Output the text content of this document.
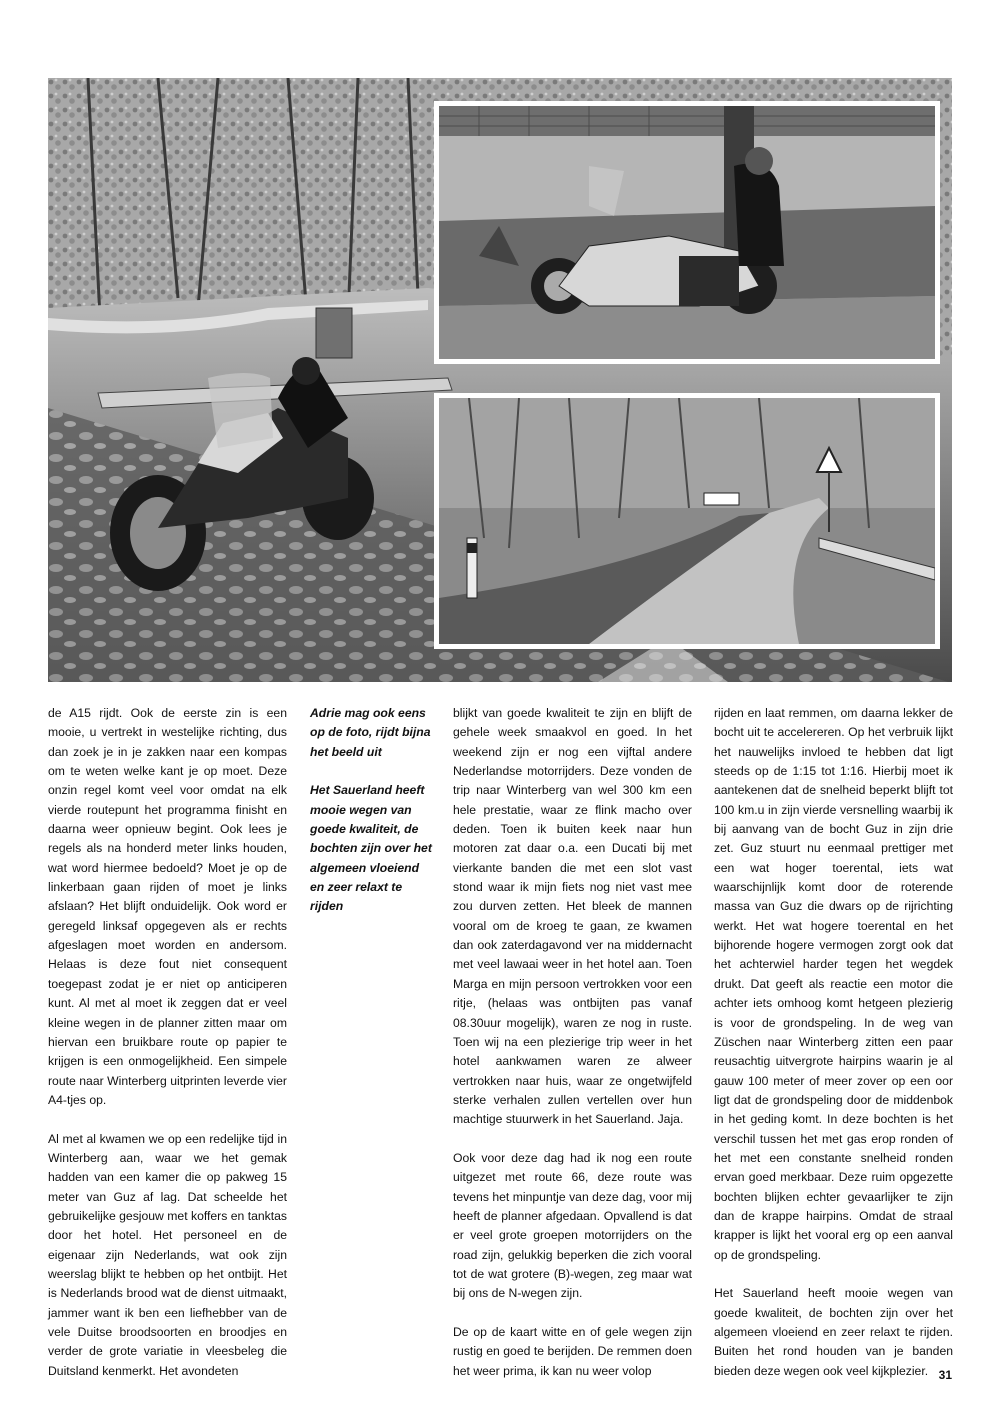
de A15 rijdt. Ook de eerste zin is een mooie, u vertrekt in westelijke richting, dus dan zoek je in je zakken naar een kompas om te weten welke kant je op moet. Deze onzin regel komt veel voor omdat na elk vierde routepunt het programma finisht en daarna weer opnieuw begint. Ook lees je regels als na honderd meter links houden, wat word hiermee bedoeld? Moet je op de linkerbaan gaan rijden of moet je links afslaan? Het blijft onduidelijk. Ook word er geregeld linksaf opgegeven als er rechts afgeslagen moet worden en andersom. Helaas is deze fout niet consequent toegepast zodat je er niet op anticiperen kunt. Al met al moet ik zeggen dat er veel kleine wegen in de planner zitten maar om hiervan een bruikbare route op papier te krijgen is een onmogelijkheid. Een simpele route naar Winterberg uitprinten leverde vier A4-tjes op.

Al met al kwamen we op een redelijke tijd in Winterberg aan, waar we het gemak hadden van een kamer die op pakweg 15 meter van Guz af lag. Dat scheelde het gebruikelijke gesjouw met koffers en tanktas door het hotel. Het personeel en de eigenaar zijn Nederlands, wat ook zijn weerslag blijkt te hebben op het ontbijt. Het is Nederlands brood wat de dienst uitmaakt, jammer want ik ben een liefhebber van de vele Duitse broodsoorten en broodjes en verder de grote variatie in vleesbeleg die Duitsland kenmerkt. Het avondeten

Adrie mag ook eens op de foto, rijdt bijna het beeld uit

Het Sauerland heeft mooie wegen van goede kwaliteit, de bochten zijn over het algemeen vloeiend en zeer relaxt te rijden

blijkt van goede kwaliteit te zijn en blijft de gehele week smaakvol en goed. In het weekend zijn er nog een vijftal andere Nederlandse motorrijders. Deze vonden de trip naar Winterberg van wel 300 km een hele prestatie, waar ze flink macho over deden. Toen ik buiten keek naar hun motoren zat daar o.a. een Ducati bij met vierkante banden die met een slot vast stond waar ik mijn fiets nog niet vast mee zou durven zetten. Het bleek de mannen vooral om de kroeg te gaan, ze kwamen dan ook zaterdagavond ver na middernacht met veel lawaai weer in het hotel aan. Toen Marga en mijn persoon vertrokken voor een ritje, (helaas was ontbijten pas vanaf 08.30uur mogelijk), waren ze nog in ruste. Toen wij na een plezierige trip weer in het hotel aankwamen waren ze alweer vertrokken naar huis, waar ze ongetwijfeld sterke verhalen zullen vertellen over hun machtige stuurwerk in het Sauerland. Jaja.

Ook voor deze dag had ik nog een route uitgezet met route 66, deze route was tevens het minpuntje van deze dag, voor mij heeft de planner afgedaan. Opvallend is dat er veel grote groepen motorrijders on the road zijn, gelukkig beperken die zich vooral tot de wat grotere (B)-wegen, zeg maar wat bij ons de N-wegen zijn.

De op de kaart witte en of gele wegen zijn rustig en goed te berijden. De remmen doen het weer prima, ik kan nu weer volop

rijden en laat remmen, om daarna lekker de bocht uit te accelereren. Op het verbruik lijkt het nauwelijks invloed te hebben dat ligt steeds op de 1:15 tot 1:16. Hierbij moet ik aantekenen dat de snelheid beperkt blijft tot 100 km.u in zijn vierde versnelling waarbij ik bij aanvang van de bocht Guz in zijn drie zet. Guz stuurt nu eenmaal prettiger met een wat hoger toerental, iets wat waarschijnlijk komt door de roterende massa van Guz die dwars op de rijrichting werkt. Het wat hogere toerental en het bijhorende hogere vermogen zorgt ook dat het achterwiel harder tegen het wegdek drukt. Dat geeft als reactie een motor die achter iets omhoog komt hetgeen plezierig is voor de grondspeling. In de weg van Züschen naar Winterberg zitten een paar reusachtig uitvergrote hairpins waarin je al gauw 100 meter of meer zover op een oor ligt dat de grondspeling door de middenbok in het geding komt. In deze bochten is het verschil tussen het met gas erop ronden of het met een constante snelheid ronden ervan goed merkbaar. Deze ruim opgezette bochten blijken echter gevaarlijker te zijn dan de krappe hairpins. Omdat de straal krapper is lijkt het vooral erg op een aanval op de grondspeling.

Het Sauerland heeft mooie wegen van goede kwaliteit, de bochten zijn over het algemeen vloeiend en zeer relaxt te rijden. Buiten het rond houden van je banden bieden deze wegen ook veel kijkplezier. 31
